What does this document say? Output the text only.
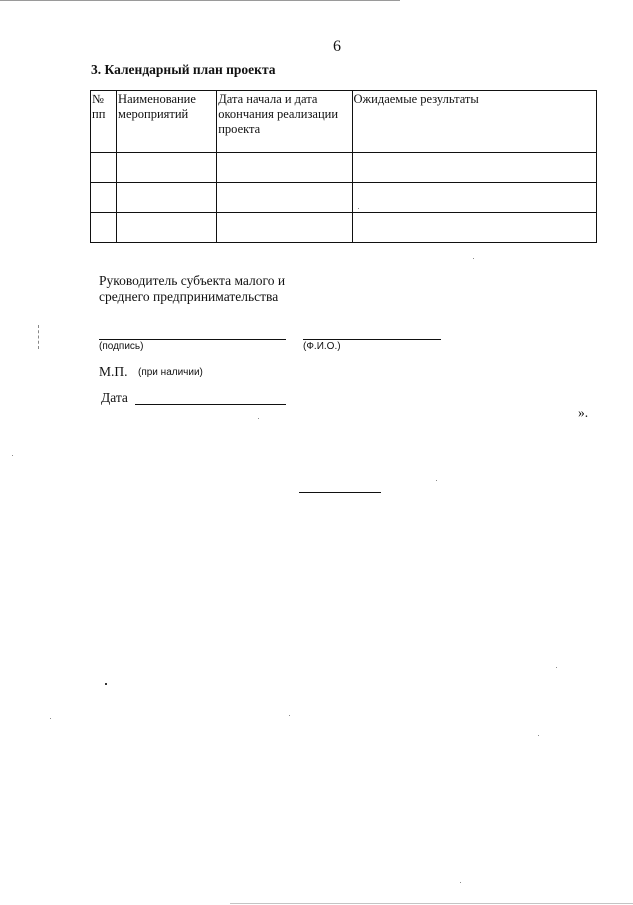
6
3. Календарный план проекта
№ пп	Наименование мероприятий	Дата начала и дата окончания реализации проекта	Ожидаемые результаты

Руководитель субъекта малого и среднего предпринимательства
(подпись)	(Ф.И.О.)
М.П. (при наличии)
Дата
».
